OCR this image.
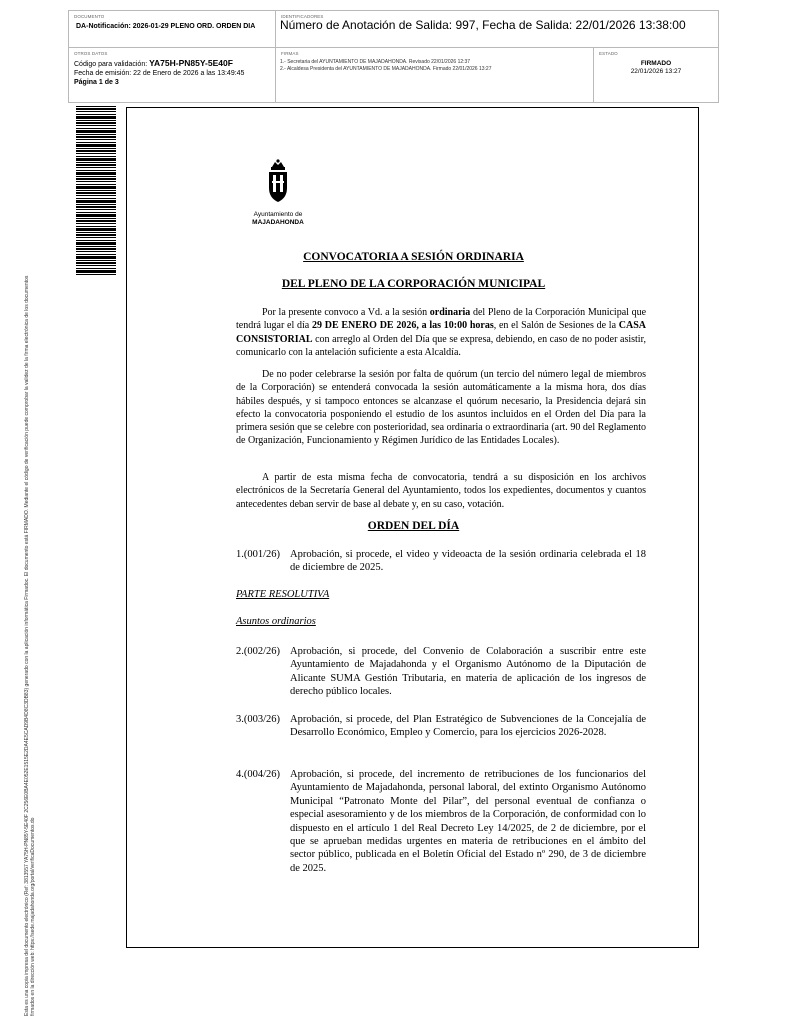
DOCUMENTO
DA-Notificación: 2026-01-29 PLENO ORD. ORDEN DIA
IDENTIFICADORES
Número de Anotación de Salida: 997, Fecha de Salida: 22/01/2026 13:38:00
OTROS DATOS
Código para validación: YA75H-PN85Y-5E40F
Fecha de emisión: 22 de Enero de 2026 a las 13:49:45
Página 1 de 3
FIRMAS
1.- Secretaria del AYUNTAMIENTO DE MAJADAHONDA. Revisado 22/01/2026 12:37
2.- Alcaldesa Presidenta del AYUNTAMIENTO DE MAJADAHONDA. Firmado 22/01/2026 13:27
ESTADO
FIRMADO
22/01/2026 13:27
Esta es una copia impresa del documento electrónico (Ref: 3813557 YA75H-PN85Y-5E40F 2C256E0BA4E052E1515E2DA4E5CAD9B4D8C3DB83) generado con la aplicación informática Firmadoc. El documento está FIRMADO. Mediante el código de verificación puede comprobar la validez de la firma electrónica de los documentos firmados en la dirección web: https://sede.majadahonda.org/portal/verificaDocumentos.do
Ayuntamiento de
MAJADAHONDA
CONVOCATORIA A SESIÓN ORDINARIA
DEL PLENO DE LA CORPORACIÓN MUNICIPAL
Por la presente convoco a Vd. a la sesión ordinaria del Pleno de la Corporación Municipal que tendrá lugar el día 29 DE ENERO DE 2026, a las 10:00 horas, en el Salón de Sesiones de la CASA CONSISTORIAL con arreglo al Orden del Día que se expresa, debiendo, en caso de no poder asistir, comunicarlo con la antelación suficiente a esta Alcaldía.
De no poder celebrarse la sesión por falta de quórum (un tercio del número legal de miembros de la Corporación) se entenderá convocada la sesión automáticamente a la misma hora, dos días hábiles después, y si tampoco entonces se alcanzase el quórum necesario, la Presidencia dejará sin efecto la convocatoria posponiendo el estudio de los asuntos incluidos en el Orden del Día para la primera sesión que se celebre con posterioridad, sea ordinaria o extraordinaria (art. 90 del Reglamento de Organización, Funcionamiento y Régimen Jurídico de las Entidades Locales).
A partir de esta misma fecha de convocatoria, tendrá a su disposición en los archivos electrónicos de la Secretaría General del Ayuntamiento, todos los expedientes, documentos y cuantos antecedentes deban servir de base al debate y, en su caso, votación.
ORDEN DEL DÍA
1.(001/26) Aprobación, si procede, el video y videoacta de la sesión ordinaria celebrada el 18 de diciembre de 2025.
PARTE RESOLUTIVA
Asuntos ordinarios
2.(002/26) Aprobación, si procede, del Convenio de Colaboración a suscribir entre este Ayuntamiento de Majadahonda y el Organismo Autónomo de la Diputación de Alicante SUMA Gestión Tributaria, en materia de aplicación de los ingresos de derecho público locales.
3.(003/26) Aprobación, si procede, del Plan Estratégico de Subvenciones de la Concejalía de Desarrollo Económico, Empleo y Comercio, para los ejercicios 2026-2028.
4.(004/26) Aprobación, si procede, del incremento de retribuciones de los funcionarios del Ayuntamiento de Majadahonda, personal laboral, del extinto Organismo Autónomo Municipal “Patronato Monte del Pilar”, del personal eventual de confianza o especial asesoramiento y de los miembros de la Corporación, de conformidad con lo dispuesto en el artículo 1 del Real Decreto Ley 14/2025, de 2 de diciembre, por el que se aprueban medidas urgentes en materia de retribuciones en el ámbito del sector público, publicada en el Boletín Oficial del Estado nº 290, de 3 de diciembre de 2025.
